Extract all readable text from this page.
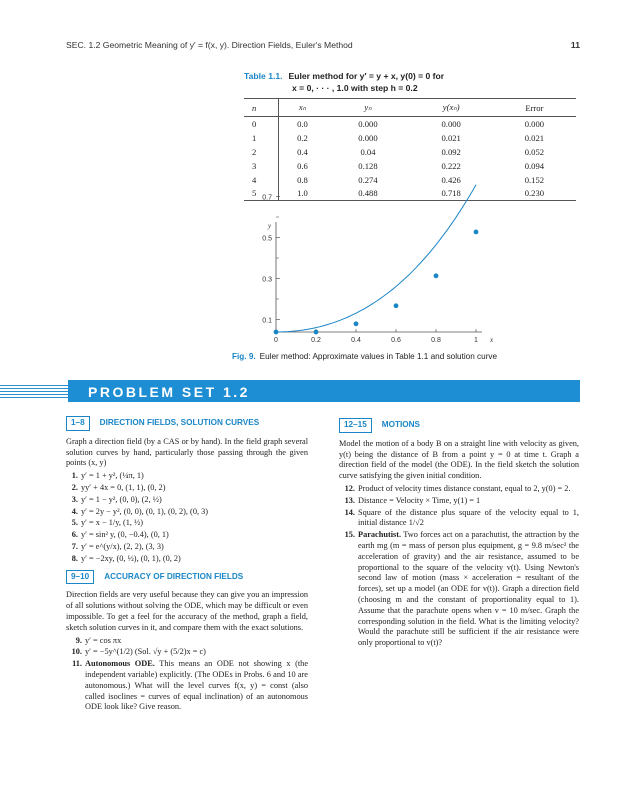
SEC. 1.2 Geometric Meaning of y′ = f(x, y). Direction Fields, Euler's Method	11
Table 1.1. Euler method for y′ = y + x, y(0) = 0 for
x = 0, · · · , 1.0 with step h = 0.2
n	xₙ	yₙ	y(xₙ)	Error
0	0.0	0.000	0.000	0.000
1	0.2	0.000	0.021	0.021
2	0.4	0.04	0.092	0.052
3	0.6	0.128	0.222	0.094
4	0.8	0.274	0.426	0.152
5	1.0	0.488	0.718	0.230
0.7
0.5
0.3
0.1
y
0	0.2	0.4	0.6	0.8	1 x
Fig. 9. Euler method: Approximate values in Table 1.1 and solution curve
PROBLEM SET 1.2
1–8	DIRECTION FIELDS, SOLUTION CURVES

Graph a direction field (by a CAS or by hand). In the field graph several solution curves by hand, particularly those passing through the given points (x, y)

1. y′ = 1 + y², (¼π, 1)
2. yy′ + 4x = 0, (1, 1), (0, 2)
3. y′ = 1 − y², (0, 0), (2, ½)
4. y′ = 2y − y², (0, 0), (0, 1), (0, 2), (0, 3)
5. y′ = x − 1/y, (1, ½)
6. y′ = sin² y, (0, −0.4), (0, 1)
7. y′ = e^(y/x), (2, 2), (3, 3)
8. y′ = −2xy, (0, ½), (0, 1), (0, 2)
9–10	ACCURACY OF DIRECTION FIELDS

Direction fields are very useful because they can give you an impression of all solutions without solving the ODE, which may be difficult or even impossible. To get a feel for the accuracy of the method, graph a field, sketch solution curves in it, and compare them with the exact solutions.

9. y′ = cos πx
10. y′ = −5y^(1/2) (Sol. √y + (5/2)x = c)
11. Autonomous ODE. This means an ODE not showing x (the independent variable) explicitly. (The ODEs in Probs. 6 and 10 are autonomous.) What will the level curves f(x, y) = const (also called isoclines = curves of equal inclination) of an autonomous ODE look like? Give reason.
12–15	MOTIONS

Model the motion of a body B on a straight line with velocity as given, y(t) being the distance of B from a point y = 0 at time t. Graph a direction field of the model (the ODE). In the field sketch the solution curve satisfying the given initial condition.

12. Product of velocity times distance constant, equal to 2, y(0) = 2.
13. Distance = Velocity × Time, y(1) = 1
14. Square of the distance plus square of the velocity equal to 1, initial distance 1/√2
15. Parachutist. Two forces act on a parachutist, the attraction by the earth mg (m = mass of person plus equipment, g = 9.8 m/sec² the acceleration of gravity) and the air resistance, assumed to be proportional to the square of the velocity v(t). Using Newton's second law of motion (mass × acceleration = resultant of the forces), set up a model (an ODE for v(t)). Graph a direction field (choosing m and the constant of proportionality equal to 1). Assume that the parachute opens when v = 10 m/sec. Graph the corresponding solution in the field. What is the limiting velocity? Would the parachute still be sufficient if the air resistance were only proportional to v(t)?
